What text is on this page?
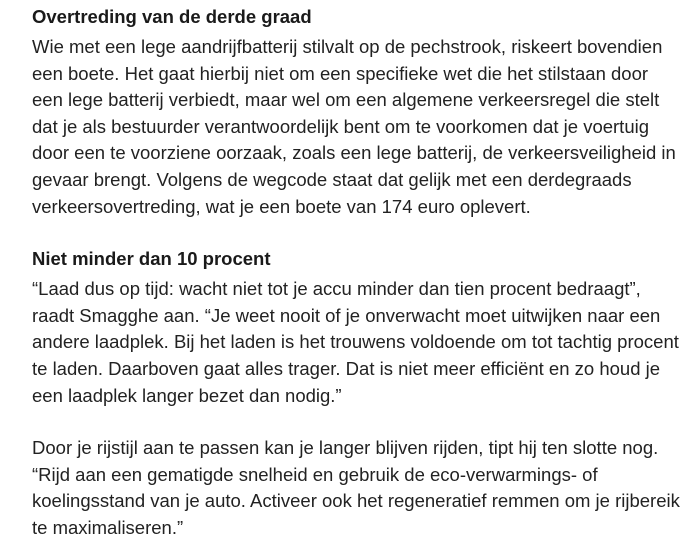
Overtreding van de derde graad

Wie met een lege aandrijfbatterij stilvalt op de pechstrook, riskeert bovendien
een boete. Het gaat hierbij niet om een specifieke wet die het stilstaan door
een lege batterij verbiedt, maar wel om een algemene verkeersregel die stelt
dat je als bestuurder verantwoordelijk bent om te voorkomen dat je voertuig
door een te voorziene oorzaak, zoals een lege batterij, de verkeersveiligheid in
gevaar brengt. Volgens de wegcode staat dat gelijk met een derdegraads
verkeersovertreding, wat je een boete van 174 euro oplevert.

Niet minder dan 10 procent

“Laad dus op tijd: wacht niet tot je accu minder dan tien procent bedraagt”,
raadt Smagghe aan. “Je weet nooit of je onverwacht moet uitwijken naar een
andere laadplek. Bij het laden is het trouwens voldoende om tot tachtig procent
te laden. Daarboven gaat alles trager. Dat is niet meer efficiënt en zo houd je
een laadplek langer bezet dan nodig.”

Door je rijstijl aan te passen kan je langer blijven rijden, tipt hij ten slotte nog.
“Rijd aan een gematigde snelheid en gebruik de eco-verwarmings- of
koelingsstand van je auto. Activeer ook het regeneratief remmen om je rijbereik
te maximaliseren.”
